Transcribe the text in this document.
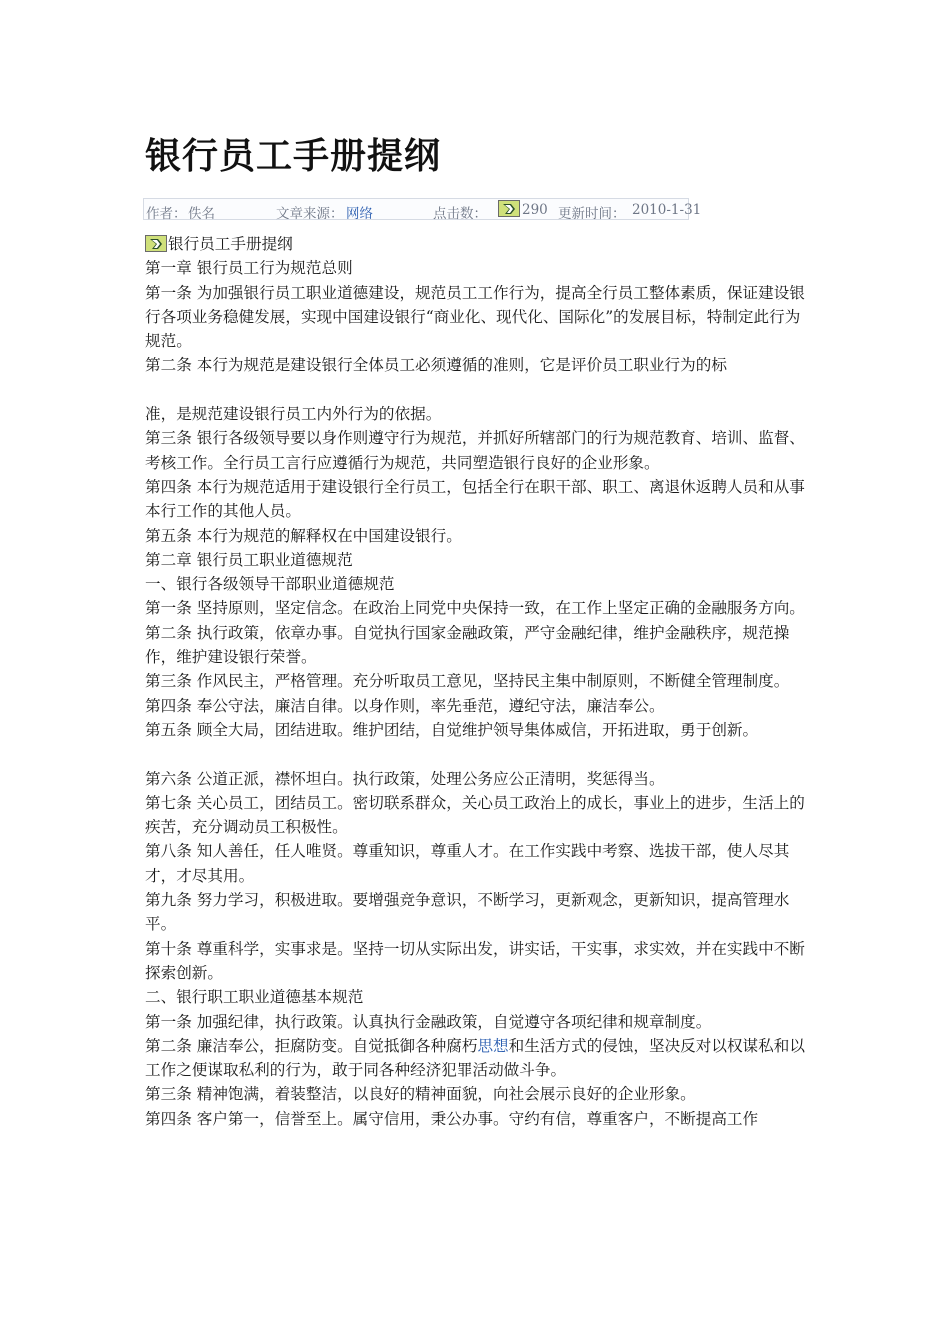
银行员工手册提纲
作者： 佚名	文章来源： 网络	点击数：	290 更新时间： 2010-1-31

银行员工手册提纲

第一章 银行员工行为规范总则

第一条 为加强银行员工职业道德建设，规范员工工作行为，提高全行员工整体素质，保证建设银行各项业务稳健发展，实现中国建设银行“商业化、现代化、国际化”的发展目标，特制定此行为规范。

第二条 本行为规范是建设银行全体员工必须遵循的准则，它是评价员工职业行为的标

准，是规范建设银行员工内外行为的依据。

第三条 银行各级领导要以身作则遵守行为规范，并抓好所辖部门的行为规范教育、培训、监督、考核工作。全行员工言行应遵循行为规范，共同塑造银行良好的企业形象。

第四条 本行为规范适用于建设银行全行员工，包括全行在职干部、职工、离退休返聘人员和从事本行工作的其他人员。

第五条 本行为规范的解释权在中国建设银行。

第二章 银行员工职业道德规范

一、银行各级领导干部职业道德规范

第一条 坚持原则，坚定信念。在政治上同党中央保持一致，在工作上坚定正确的金融服务方向。

第二条 执行政策，依章办事。自觉执行国家金融政策，严守金融纪律，维护金融秩序，规范操作，维护建设银行荣誉。

第三条 作风民主，严格管理。充分听取员工意见，坚持民主集中制原则，不断健全管理制度。

第四条 奉公守法，廉洁自律。以身作则，率先垂范，遵纪守法，廉洁奉公。

第五条 顾全大局，团结进取。维护团结，自觉维护领导集体威信，开拓进取，勇于创新。

第六条 公道正派，襟怀坦白。执行政策，处理公务应公正清明，奖惩得当。

第七条 关心员工，团结员工。密切联系群众，关心员工政治上的成长，事业上的进步，生活上的疾苦，充分调动员工积极性。

第八条 知人善任，任人唯贤。尊重知识，尊重人才。在工作实践中考察、选拔干部，使人尽其才，才尽其用。

第九条 努力学习，积极进取。要增强竞争意识，不断学习，更新观念，更新知识，提高管理水平。

第十条 尊重科学，实事求是。坚持一切从实际出发，讲实话，干实事，求实效，并在实践中不断探索创新。

二、银行职工职业道德基本规范

第一条 加强纪律，执行政策。认真执行金融政策，自觉遵守各项纪律和规章制度。

第二条 廉洁奉公，拒腐防变。自觉抵御各种腐朽思想和生活方式的侵蚀，坚决反对以权谋私和以工作之便谋取私利的行为，敢于同各种经济犯罪活动做斗争。

第三条 精神饱满，着装整洁，以良好的精神面貌，向社会展示良好的企业形象。

第四条 客户第一，信誉至上。属守信用，秉公办事。守约有信，尊重客户，不断提高工作
